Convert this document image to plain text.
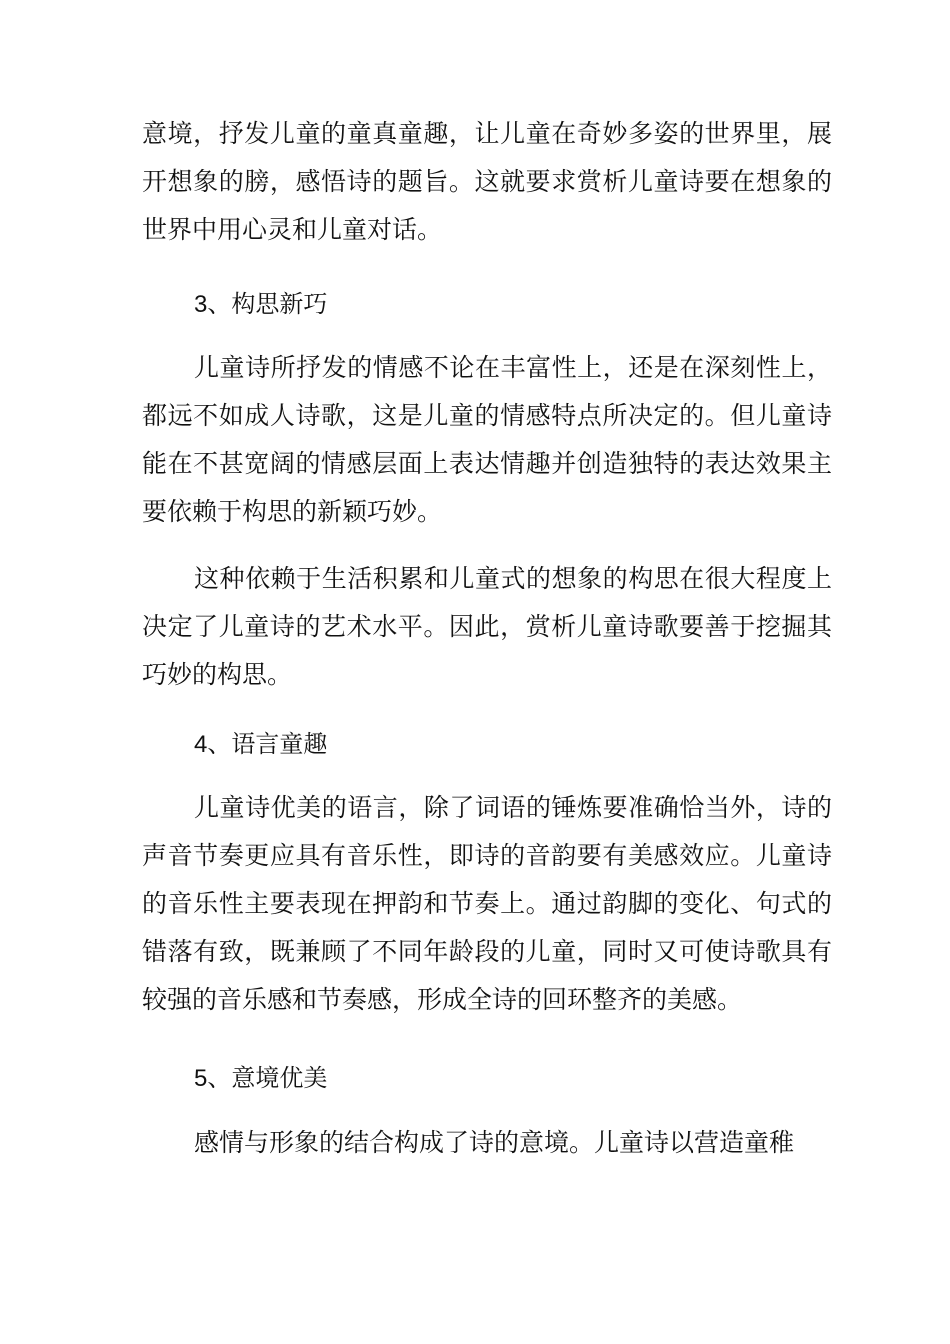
意境，抒发儿童的童真童趣，让儿童在奇妙多姿的世界里，展开想象的膀，感悟诗的题旨。这就要求赏析儿童诗要在想象的世界中用心灵和儿童对话。

3、构思新巧

儿童诗所抒发的情感不论在丰富性上，还是在深刻性上，都远不如成人诗歌，这是儿童的情感特点所决定的。但儿童诗能在不甚宽阔的情感层面上表达情趣并创造独特的表达效果主要依赖于构思的新颖巧妙。

这种依赖于生活积累和儿童式的想象的构思在很大程度上决定了儿童诗的艺术水平。因此，赏析儿童诗歌要善于挖掘其巧妙的构思。

4、语言童趣

儿童诗优美的语言，除了词语的锤炼要准确恰当外，诗的声音节奏更应具有音乐性，即诗的音韵要有美感效应。儿童诗的音乐性主要表现在押韵和节奏上。通过韵脚的变化、句式的错落有致，既兼顾了不同年龄段的儿童，同时又可使诗歌具有较强的音乐感和节奏感，形成全诗的回环整齐的美感。

5、意境优美

感情与形象的结合构成了诗的意境。儿童诗以营造童稚
